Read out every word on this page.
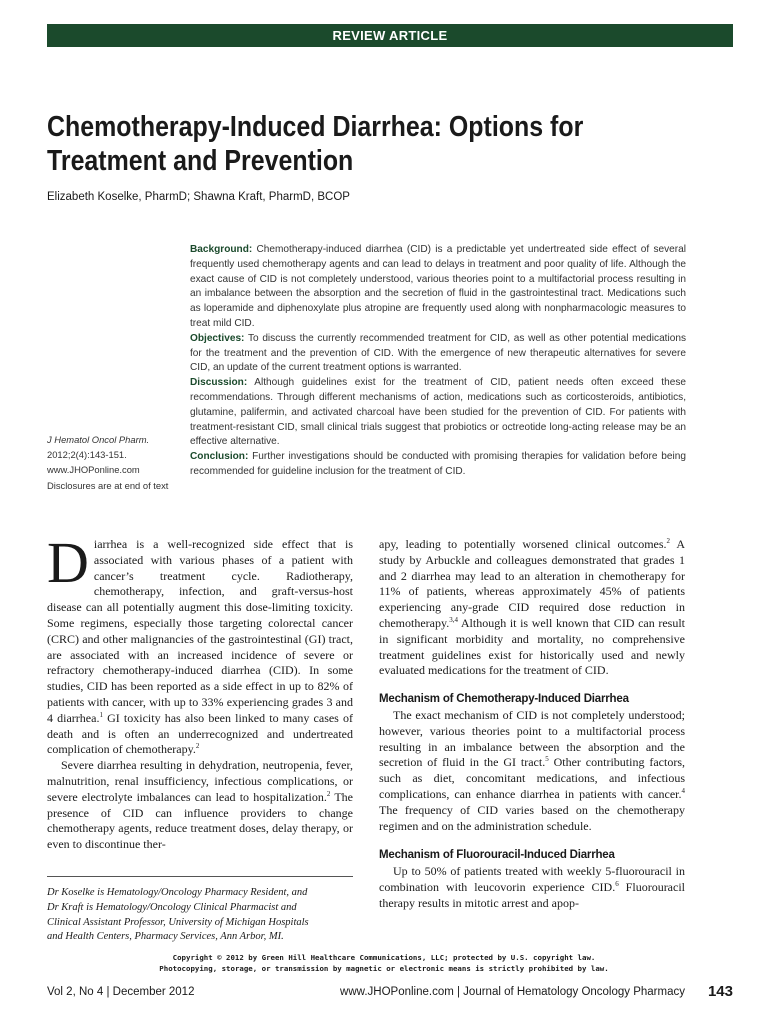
REVIEW ARTICLE
Chemotherapy-Induced Diarrhea: Options for
Treatment and Prevention
Elizabeth Koselke, PharmD; Shawna Kraft, PharmD, BCOP

Background: Chemotherapy-induced diarrhea (CID) is a predictable yet undertreated side effect of several frequently used chemotherapy agents and can lead to delays in treatment and poor quality of life. Although the exact cause of CID is not completely understood, various theories point to a multifactorial process resulting in an imbalance between the absorption and the secretion of fluid in the gastrointestinal tract. Medications such as loperamide and diphenoxylate plus atropine are frequently used along with nonpharmacologic measures to treat mild CID.

Objectives: To discuss the currently recommended treatment for CID, as well as other potential medications for the treatment and the prevention of CID. With the emergence of new therapeutic alternatives for severe CID, an update of the current treatment options is warranted.

Discussion: Although guidelines exist for the treatment of CID, patient needs often exceed these recommendations. Through different mechanisms of action, medications such as corticosteroids, antibiotics, glutamine, palifermin, and activated charcoal have been studied for the prevention of CID. For patients with treatment-resistant CID, small clinical trials suggest that probiotics or octreotide long-acting release may be an effective alternative.

Conclusion: Further investigations should be conducted with promising therapies for validation before being recommended for guideline inclusion for the treatment of CID.

J Hematol Oncol Pharm.
2012;2(4):143-151.
www.JHOPonline.com
Disclosures are at end of text

Diarrhea is a well-recognized side effect that is associated with various phases of a patient with cancer’s treatment cycle. Radiotherapy, chemotherapy, infection, and graft-versus-host disease can all potentially augment this dose-limiting toxicity. Some regimens, especially those targeting colorectal cancer (CRC) and other malignancies of the gastrointestinal (GI) tract, are associated with an increased incidence of severe or refractory chemotherapy-induced diarrhea (CID). In some studies, CID has been reported as a side effect in up to 82% of patients with cancer, with up to 33% experiencing grades 3 and 4 diarrhea.$^1$ GI toxicity has also been linked to many cases of death and is often an underrecognized and undertreated complication of chemotherapy.$^2$

Severe diarrhea resulting in dehydration, neutropenia, fever, malnutrition, renal insufficiency, infectious complications, or severe electrolyte imbalances can lead to hospitalization.$^2$ The presence of CID can influence providers to change chemotherapy agents, reduce treatment doses, delay therapy, or even to discontinue ther-

apy, leading to potentially worsened clinical outcomes.$^2$ A study by Arbuckle and colleagues demonstrated that grades 1 and 2 diarrhea may lead to an alteration in chemotherapy for 11% of patients, whereas approximately 45% of patients experiencing any-grade CID required dose reduction in chemotherapy.$^{3,4}$ Although it is well known that CID can result in significant morbidity and mortality, no comprehensive treatment guidelines exist for historically used and newly evaluated medications for the treatment of CID.

Mechanism of Chemotherapy-Induced Diarrhea

The exact mechanism of CID is not completely understood; however, various theories point to a multifactorial process resulting in an imbalance between the absorption and the secretion of fluid in the GI tract.$^5$ Other contributing factors, such as diet, concomitant medications, and infectious complications, can enhance diarrhea in patients with cancer.$^4$ The frequency of CID varies based on the chemotherapy regimen and on the administration schedule.

Mechanism of Fluorouracil-Induced Diarrhea

Up to 50% of patients treated with weekly 5-fluorouracil in combination with leucovorin experience CID.$^6$ Fluorouracil therapy results in mitotic arrest and apop-

Dr Koselke is Hematology/Oncology Pharmacy Resident, and
Dr Kraft is Hematology/Oncology Clinical Pharmacist and
Clinical Assistant Professor, University of Michigan Hospitals
and Health Centers, Pharmacy Services, Ann Arbor, MI.
Copyright © 2012 by Green Hill Healthcare Communications, LLC; protected by U.S. copyright law.
Photocopying, storage, or transmission by magnetic or electronic means is strictly prohibited by law.
Vol 2, No 4 | December 2012	www.JHOPonline.com | Journal of Hematology Oncology Pharmacy 143
